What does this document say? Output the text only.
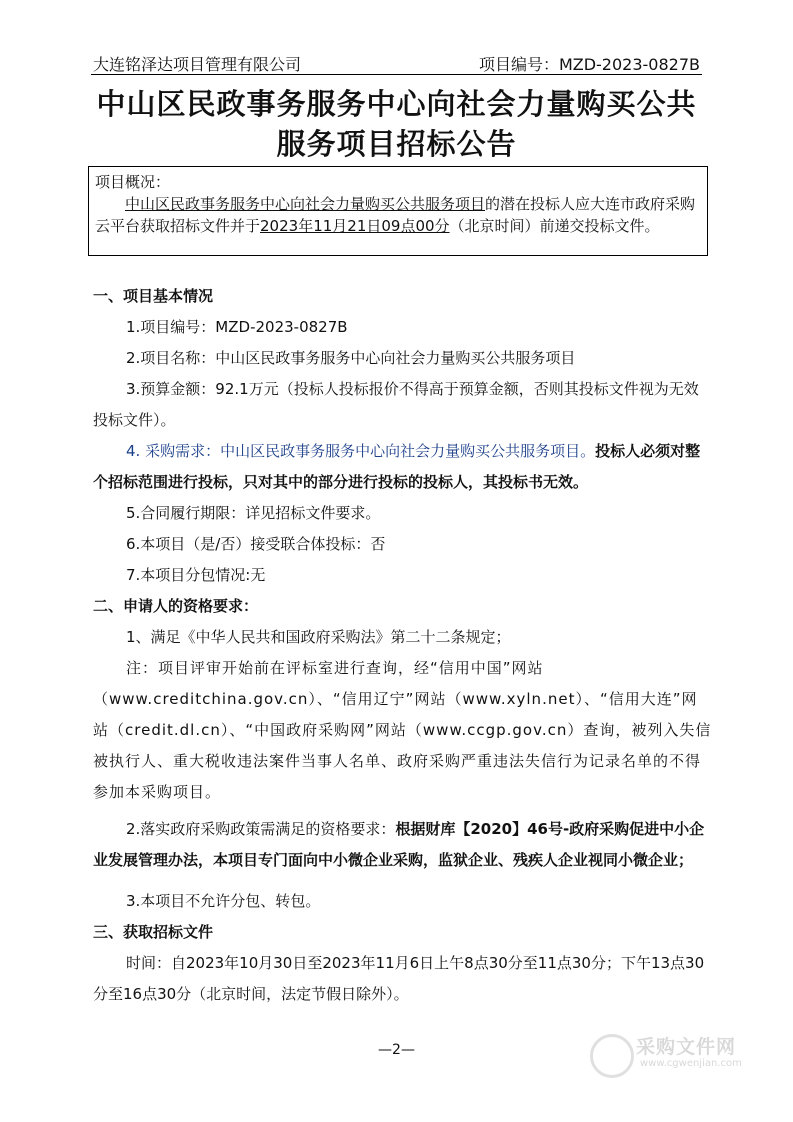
大连铭泽达项目管理有限公司	项目编号：MZD-2023-0827B
中山区民政事务服务中心向社会力量购买公共
服务项目招标公告
项目概况：
中山区民政事务服务中心向社会力量购买公共服务项目的潜在投标人应大连市政府采购云平台获取招标文件并于2023年11月21日09点00分（北京时间）前递交投标文件。

一、项目基本情况

1.项目编号：MZD-2023-0827B

2.项目名称：中山区民政事务服务中心向社会力量购买公共服务项目

3.预算金额：92.1万元（投标人投标报价不得高于预算金额，否则其投标文件视为无效投标文件）。

4. 采购需求：中山区民政事务服务中心向社会力量购买公共服务项目。投标人必须对整个招标范围进行投标，只对其中的部分进行投标的投标人，其投标书无效。

5.合同履行期限：详见招标文件要求。

6.本项目（是/否）接受联合体投标：否

7.本项目分包情况:无

二、申请人的资格要求：

1、满足《中华人民共和国政府采购法》第二十二条规定；

注：项目评审开始前在评标室进行查询，经“信用中国”网站（www.creditchina.gov.cn）、“信用辽宁”网站（www.xyln.net）、“信用大连”网站（credit.dl.cn）、“中国政府采购网”网站（www.ccgp.gov.cn）查询，被列入失信被执行人、重大税收违法案件当事人名单、政府采购严重违法失信行为记录名单的不得参加本采购项目。

2.落实政府采购政策需满足的资格要求：根据财库【2020】46号-政府采购促进中小企业发展管理办法，本项目专门面向中小微企业采购，监狱企业、残疾人企业视同小微企业；

3.本项目不允许分包、转包。

三、获取招标文件

时间：自2023年10月30日至2023年11月6日上午8点30分至11点30分；下午13点30分至16点30分（北京时间，法定节假日除外）。

—2—	采购文件网
www.cgwenjian.com
